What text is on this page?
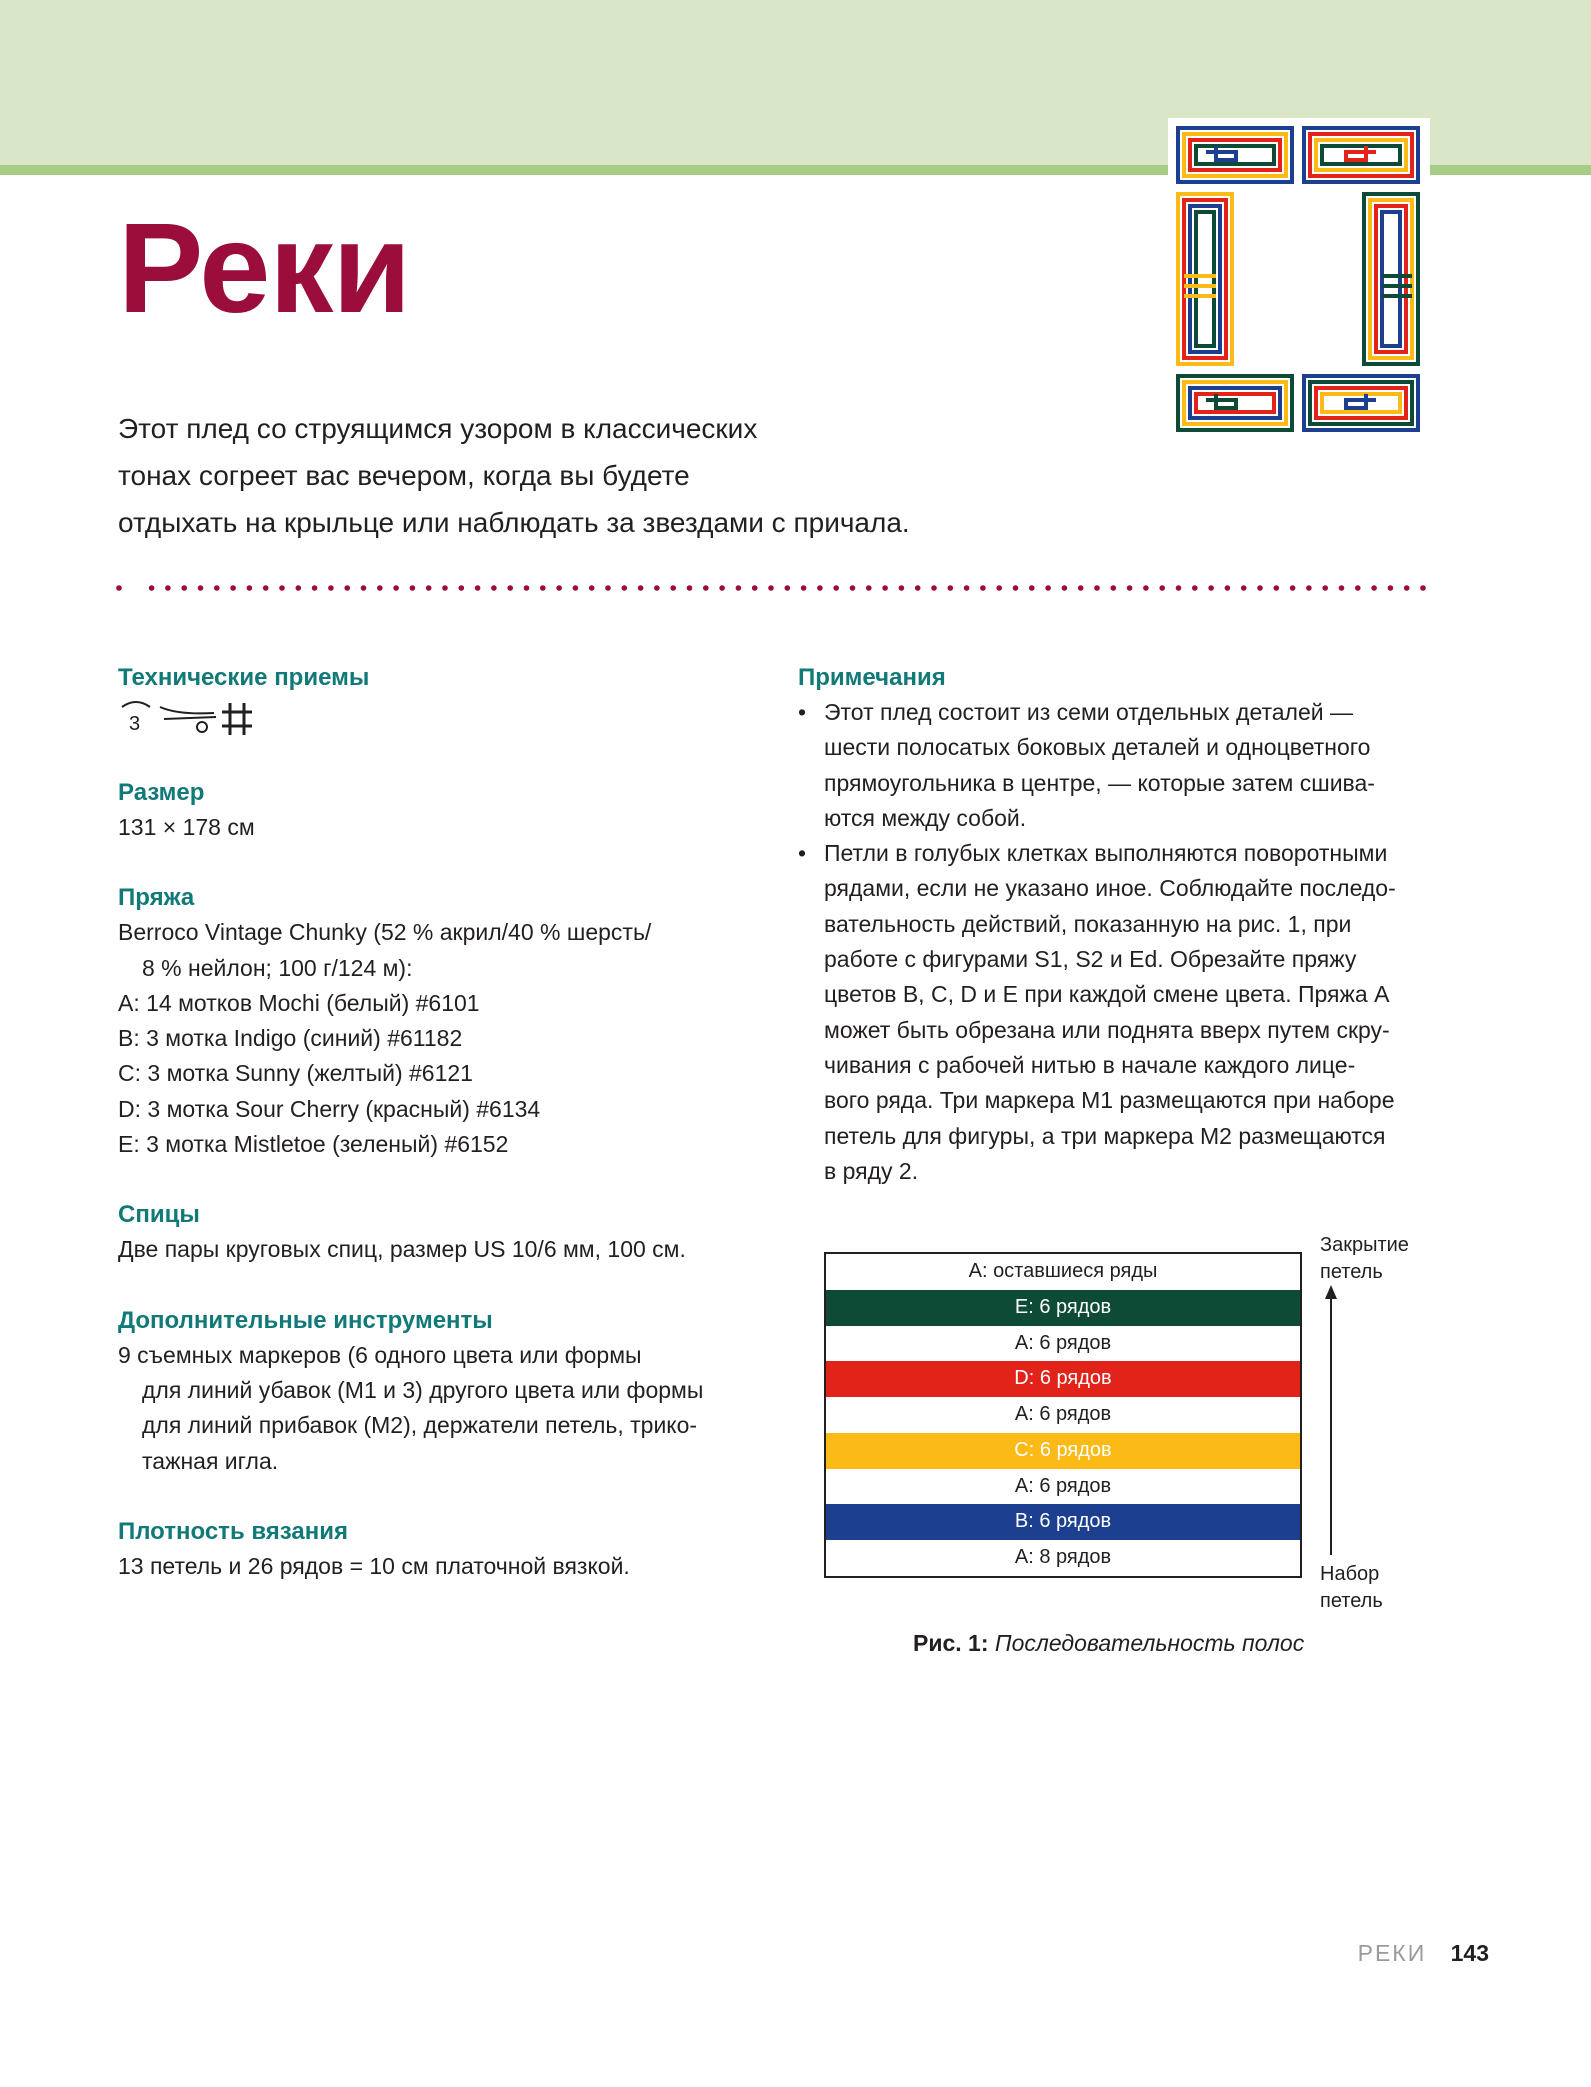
Реки
Этот плед со струящимся узором в классических
тонах согреет вас вечером, когда вы будете
отдыхать на крыльце или наблюдать за звездами с причала.

Технические приемы

3

Размер

131 × 178 см

Пряжа

Berroco Vintage Chunky (52 % акрил/40 % шерсть/

8 % нейлон; 100 г/124 м):

A: 14 мотков Mochi (белый) #6101

B: 3 мотка Indigo (синий) #61182

C: 3 мотка Sunny (желтый) #6121

D: 3 мотка Sour Cherry (красный) #6134

E: 3 мотка Mistletoe (зеленый) #6152

Спицы

Две пары круговых спиц, размер US 10/6 мм, 100 см.

Дополнительные инструменты

9 съемных маркеров (6 одного цвета или формы

для линий убавок (М1 и 3) другого цвета или формы

для линий прибавок (М2), держатели петель, трико-

тажная игла.

Плотность вязания

13 петель и 26 рядов = 10 см платочной вязкой.

Примечания

• Этот плед состоит из семи отдельных деталей —
шести полосатых боковых деталей и одноцветного
прямоугольника в центре, — которые затем сшива-
ются между собой.
• Петли в голубых клетках выполняются поворотными
рядами, если не указано иное. Соблюдайте последо-
вательность действий, показанную на рис. 1, при
работе с фигурами S1, S2 и Ed. Обрезайте пряжу
цветов B, C, D и E при каждой смене цвета. Пряжа A
может быть обрезана или поднята вверх путем скру-
чивания с рабочей нитью в начале каждого лице-
вого ряда. Три маркера М1 размещаются при наборе
петель для фигуры, а три маркера М2 размещаются
в ряду 2.
A: оставшиеся ряды
E: 6 рядов
A: 6 рядов
D: 6 рядов
A: 6 рядов
C: 6 рядов
A: 6 рядов
B: 6 рядов
A: 8 рядов
Закрытие
петель
Набор
петель
Рис. 1: Последовательность полос
РЕКИ 143
